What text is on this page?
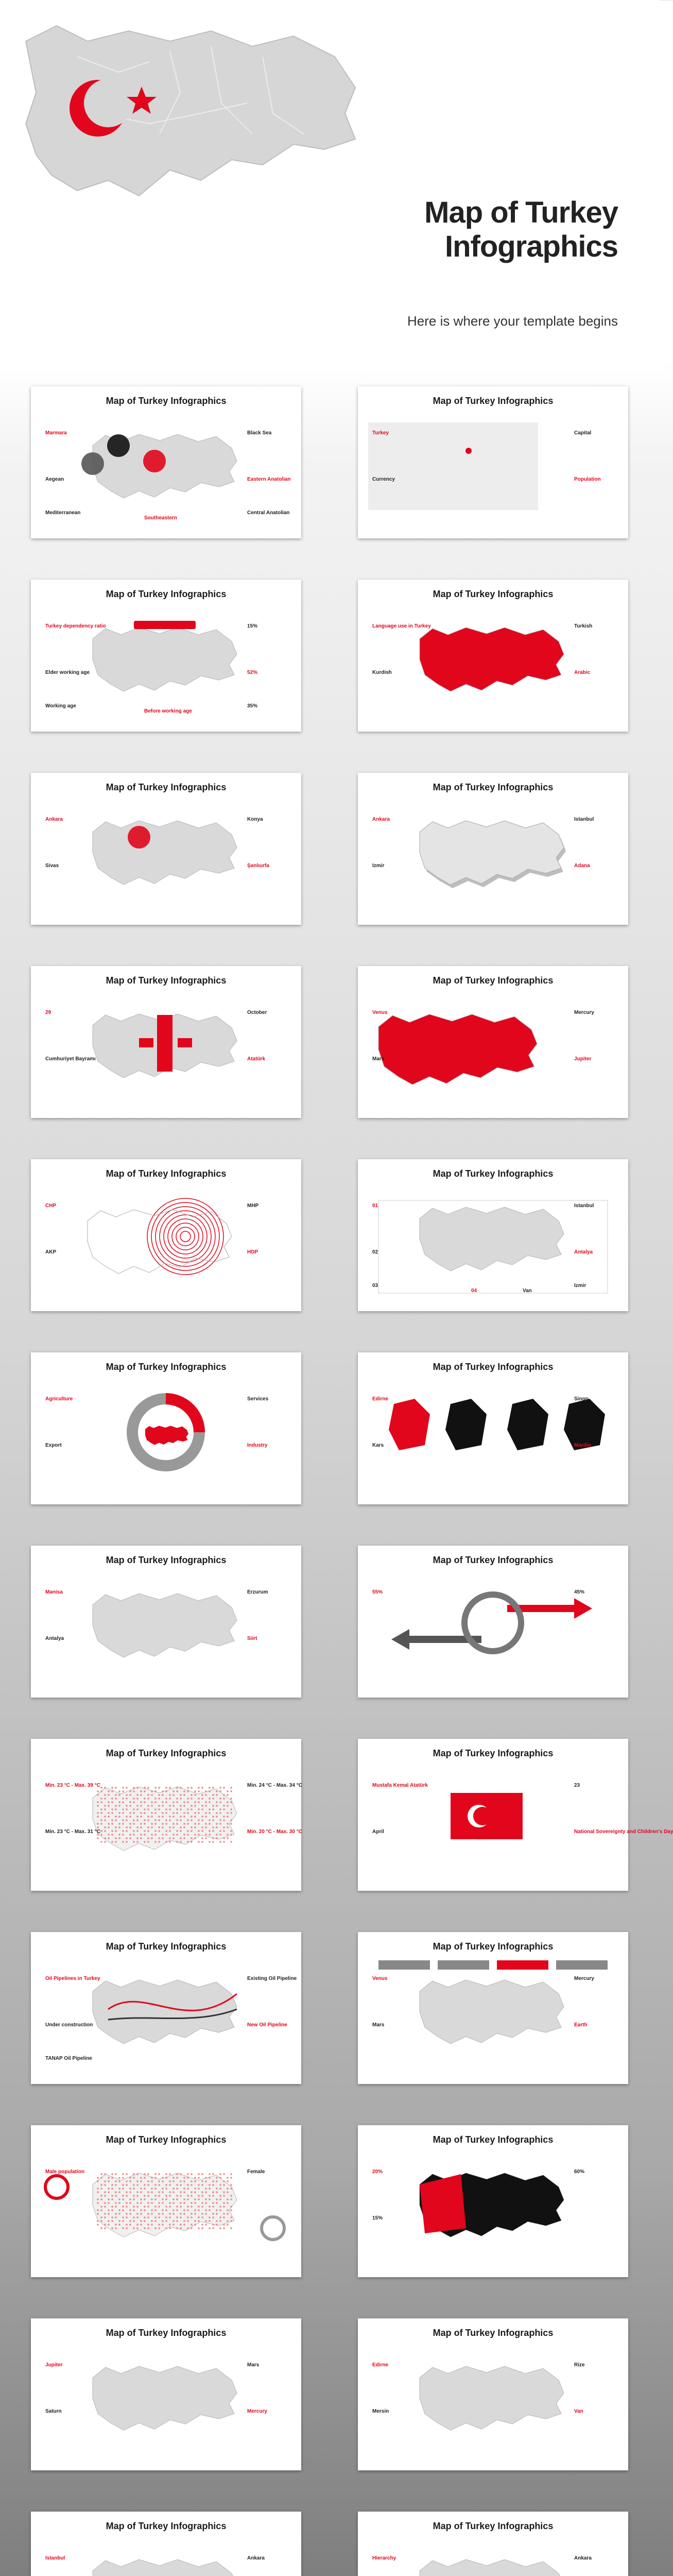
Map of Turkey
Infographics
Here is where your template begins
Map of Turkey Infographics
Marmara	Black Sea
Aegean	Eastern Anatolian
Mediterranean	Central Anatolian
Southeastern
Map of Turkey Infographics
Turkey	Capital
Currency	Population
Map of Turkey Infographics
Turkey dependency ratio	15%
Elder working age	52%
Working age	35%
Before working age
Map of Turkey Infographics
Language use in Turkey	Turkish
Kurdish	Arabic
Map of Turkey Infographics
Ankara	Konya
Sivas	Şanlıurfa
Map of Turkey Infographics
Ankara	Istanbul
Izmir	Adana
Map of Turkey Infographics
29	October
Cumhuriyet Bayramı	Atatürk
Map of Turkey Infographics
Venus	Mercury
Mars	Jupiter
Map of Turkey Infographics
CHP	MHP
AKP	HDP
Map of Turkey Infographics
01	Istanbul
02	Antalya
03	Izmir
04	Van
Map of Turkey Infographics
Agriculture	Services
Export	Industry
Map of Turkey Infographics
Edirne	Sinop
Kars	Mardin
Map of Turkey Infographics
Manisa	Erzurum
Antalya	Siirt
Map of Turkey Infographics
55%	45%
Map of Turkey Infographics
Min. 23 °C - Max. 39 °C	Min. 24 °C - Max. 34 °C
Min. 23 °C - Max. 31 °C	Min. 20 °C - Max. 30 °C
Map of Turkey Infographics
Mustafa Kemal Atatürk	23
April	National Sovereignty and Children's Day
Map of Turkey Infographics
Oil Pipelines in Turkey	Existing Oil Pipeline
Under construction	New Oil Pipeline
TANAP Oil Pipeline
Map of Turkey Infographics
Venus	Mercury
Mars	Earth
Map of Turkey Infographics
Male population	Female
Map of Turkey Infographics
20%	60%
15%
Map of Turkey Infographics
Jupiter	Mars
Saturn	Mercury
Map of Turkey Infographics
Edirne	Rize
Mersin	Van
Map of Turkey Infographics
Istanbul	Ankara
Map of Turkey Infographics
Hierarchy	Ankara
